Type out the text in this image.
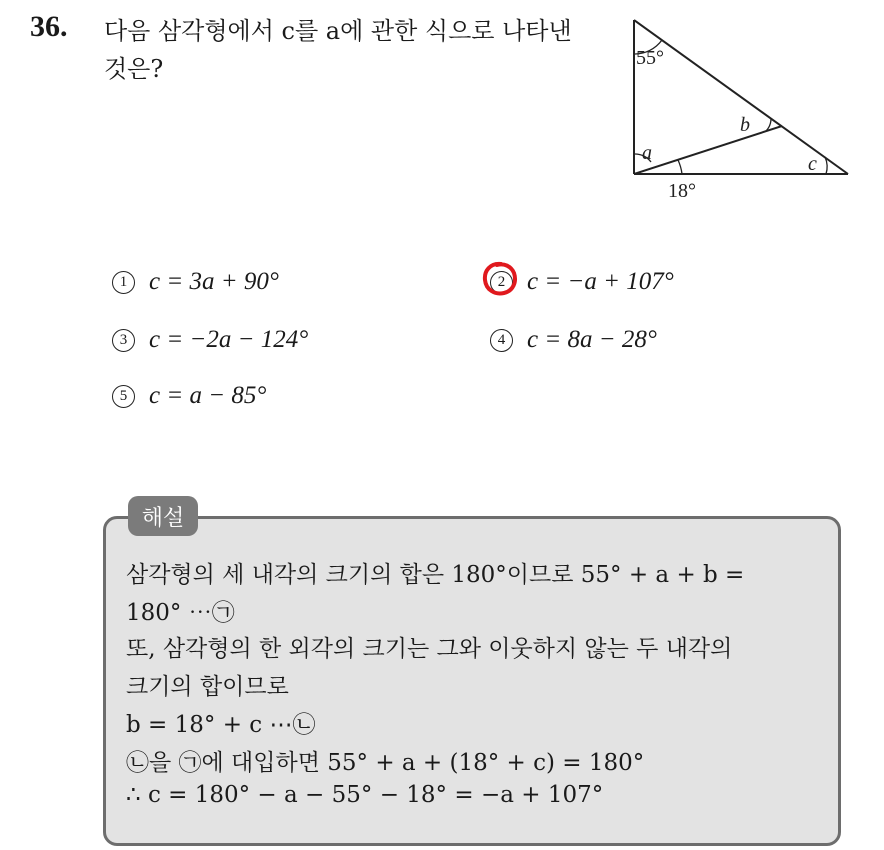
36. 다음 삼각형에서 c를 a에 관한 식으로 나타낸
것은?	55°
a
b
c
18°
1 c = 3a + 90°	2 c = −a + 107°
3 c = −2a − 124°	4 c = 8a − 28°
5 c = a − 85°
해설
삼각형의 세 내각의 크기의 합은 180°이므로 55° + a + b =
180° ⋯㉠
또, 삼각형의 한 외각의 크기는 그와 이웃하지 않는 두 내각의
크기의 합이므로
b = 18° + c ⋯㉡
㉡을 ㉠에 대입하면 55° + a + (18° + c) = 180°
∴ c = 180° − a − 55° − 18° = −a + 107°
